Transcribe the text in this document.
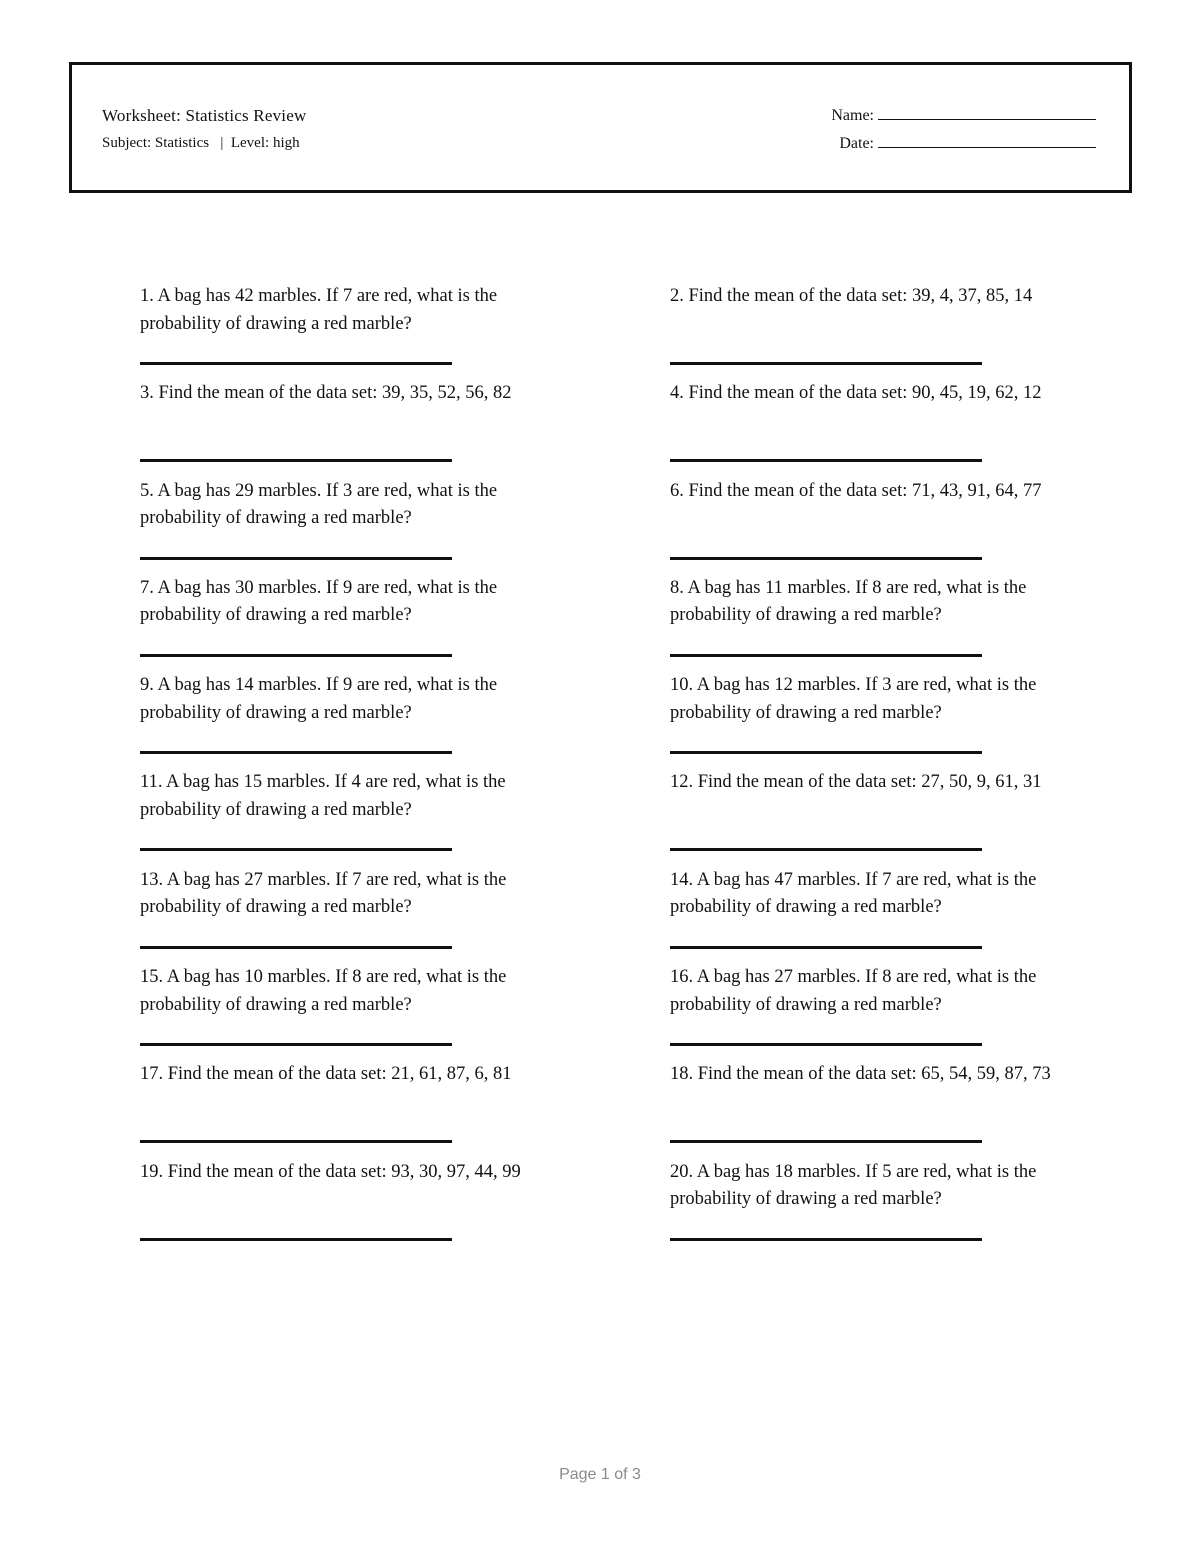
Worksheet: Statistics Review
Subject: Statistics | Level: high
Name:
Date:

1. A bag has 42 marbles. If 7 are red, what is the probability of drawing a red marble?

2. Find the mean of the data set: 39, 4, 37, 85, 14

3. Find the mean of the data set: 39, 35, 52, 56, 82	4. Find the mean of the data set: 90, 45, 19, 62, 12

5. A bag has 29 marbles. If 3 are red, what is the probability of drawing a red marble?

6. Find the mean of the data set: 71, 43, 91, 64, 77

7. A bag has 30 marbles. If 9 are red, what is the probability of drawing a red marble?

8. A bag has 11 marbles. If 8 are red, what is the probability of drawing a red marble?

9. A bag has 14 marbles. If 9 are red, what is the probability of drawing a red marble?

10. A bag has 12 marbles. If 3 are red, what is the probability of drawing a red marble?

11. A bag has 15 marbles. If 4 are red, what is the probability of drawing a red marble?

12. Find the mean of the data set: 27, 50, 9, 61, 31

13. A bag has 27 marbles. If 7 are red, what is the probability of drawing a red marble?

14. A bag has 47 marbles. If 7 are red, what is the probability of drawing a red marble?

15. A bag has 10 marbles. If 8 are red, what is the probability of drawing a red marble?

16. A bag has 27 marbles. If 8 are red, what is the probability of drawing a red marble?

17. Find the mean of the data set: 21, 61, 87, 6, 81	18. Find the mean of the data set: 65, 54, 59, 87, 73

19. Find the mean of the data set: 93, 30, 97, 44, 99	20. A bag has 18 marbles. If 5 are red, what is the probability of drawing a red marble?

Page 1 of 3
